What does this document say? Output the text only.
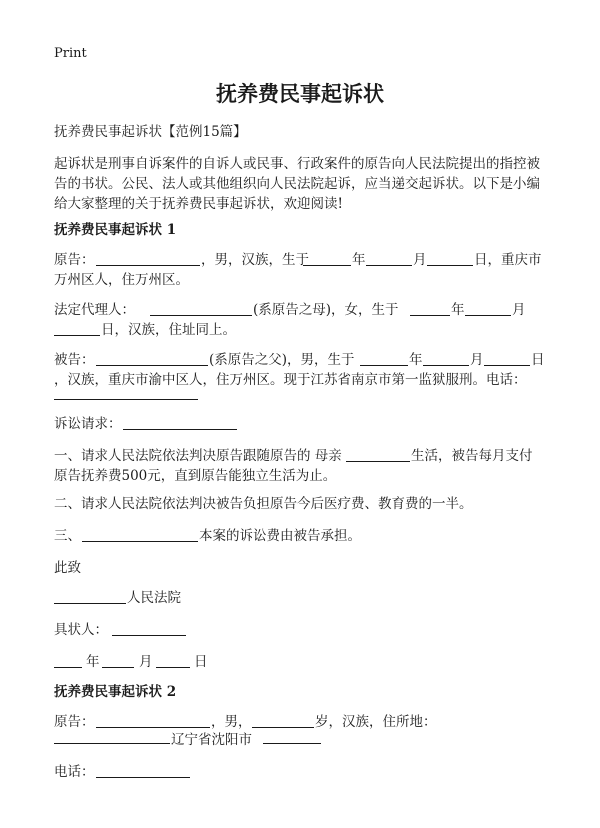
Print
抚养费民事起诉状
抚养费民事起诉状【范例15篇】
起诉状是刑事自诉案件的自诉人或民事、行政案件的原告向人民法院提出的指控被
告的书状。公民、法人或其他组织向人民法院起诉，应当递交起诉状。以下是小编
给大家整理的关于抚养费民事起诉状，欢迎阅读!
抚养费民事起诉状 1
原告：	，男，汉族，生于	年	月	日，重庆市
万州区人，住万州区。
法定代理人：	(系原告之母)，女，生于	年	月
日，汉族，住址同上。
被告：	(系原告之父)，男，生于	年	月	日
，汉族，重庆市渝中区人，住万州区。现于江苏省南京市第一监狱服刑。电话：
诉讼请求：
一、请求人民法院依法判决原告跟随原告的 母亲	生活，被告每月支付
原告抚养费500元，直到原告能独立生活为止。
二、请求人民法院依法判决被告负担原告今后医疗费、教育费的一半。
三、	本案的诉讼费由被告承担。
此致
人民法院
具状人：
年	月	日
抚养费民事起诉状 2
原告：	，男，	岁，汉族，住所地：
辽宁省沈阳市
电话：
